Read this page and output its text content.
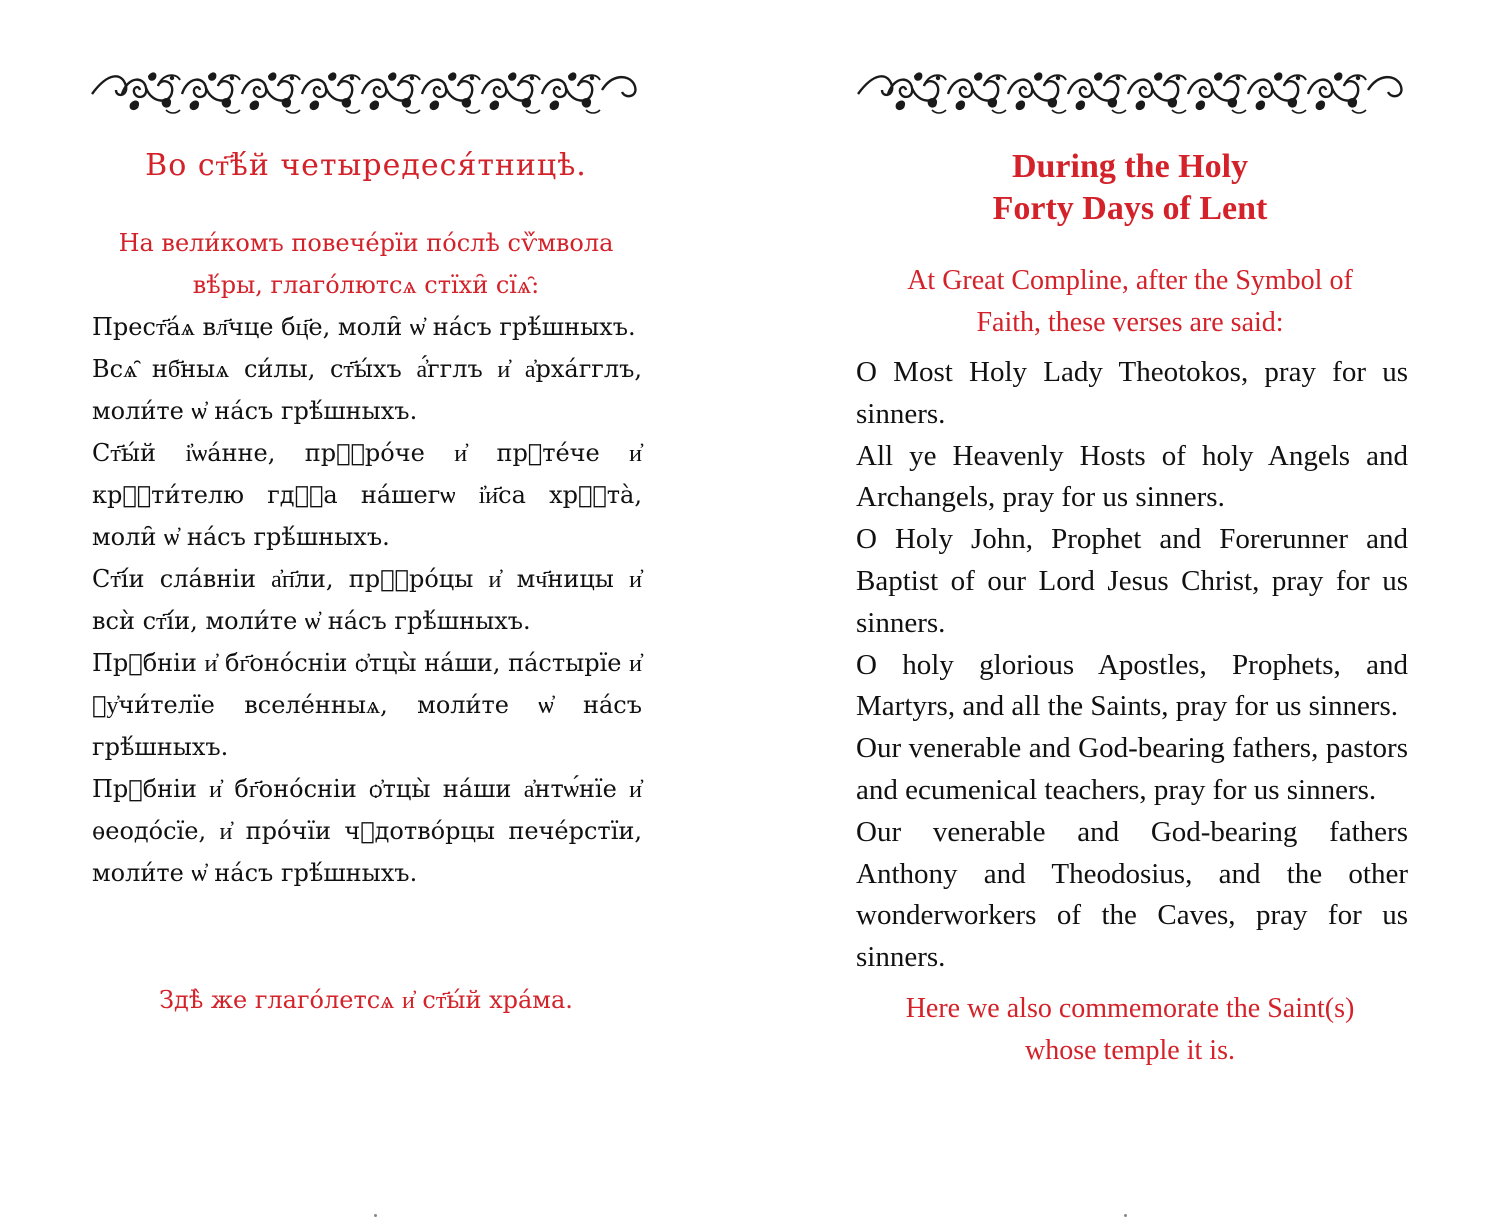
Во ст҃ѣ́й четыредеся́тницѣ.
На вели́комъ повече́рїи по́слѣ сѷ́мвола
вѣ́ры, глаго́лютсѧ стїхи̑ сїѧ̑:

Прест҃а́ѧ вл҃чце бц҃е, моли̑ ѡ҆ на́съ грѣ́шныхъ.

Всѧ̑ нб҃ныѧ си́лы, ст҃ы́хъ а҆́гглъ и҆ а҆рха́гглъ, моли́те ѡ҆ на́съ грѣ́шныхъ.

Ст҃ы́й і҆ѡа́нне, прⷪ҇ро́че и҆ прⷣте́че и҆ крⷭ҇ти́телю гдⷭ҇а на́шегѡ і҆и҃са хрⷭ҇та̀, моли̑ ѡ҆ на́съ грѣ́шныхъ.

Ст҃і́и сла́вніи а҆п҃ли, прⷪ҇ро́цы и҆ мч҃ницы и҆ всѝ ст҃і́и, моли́те ѡ҆ на́съ грѣ́шныхъ.

Прⷣбніи и҆ бг҃оно́сніи ѻ҆тцы̀ на́ши, па́стырїе и҆ ᲂу҆чи́телїе вселе́нныѧ, моли́те ѡ҆ на́съ грѣ́шныхъ.

Прⷣбніи и҆ бг҃оно́сніи ѻ҆тцы̀ на́ши а҆нтѡ́нїе и҆ ѳеодо́сїе, и҆ про́чїи чꙋдотво́рцы пече́рстїи, моли́те ѡ҆ на́съ грѣ́шныхъ.

Здѣ̀ же глаго́летсѧ и҆ ст҃ы́й хра́ма.
During the Holy
Forty Days of Lent
At Great Compline, after the Symbol of
Faith, these verses are said:

O Most Holy Lady Theotokos, pray for us sinners.

All ye Heavenly Hosts of holy Angels and Archangels, pray for us sinners.

O Holy John, Prophet and Forerunner and Baptist of our Lord Jesus Christ, pray for us sinners.

O holy glorious Apostles, Prophets, and Martyrs, and all the Saints, pray for us sinners.

Our venerable and God-bearing fathers, pastors and ecumenical teachers, pray for us sinners.

Our venerable and God-bearing fathers Anthony and Theodosius, and the other wonderworkers of the Caves, pray for us sinners.

Here we also commemorate the Saint(s)
whose temple it is.
